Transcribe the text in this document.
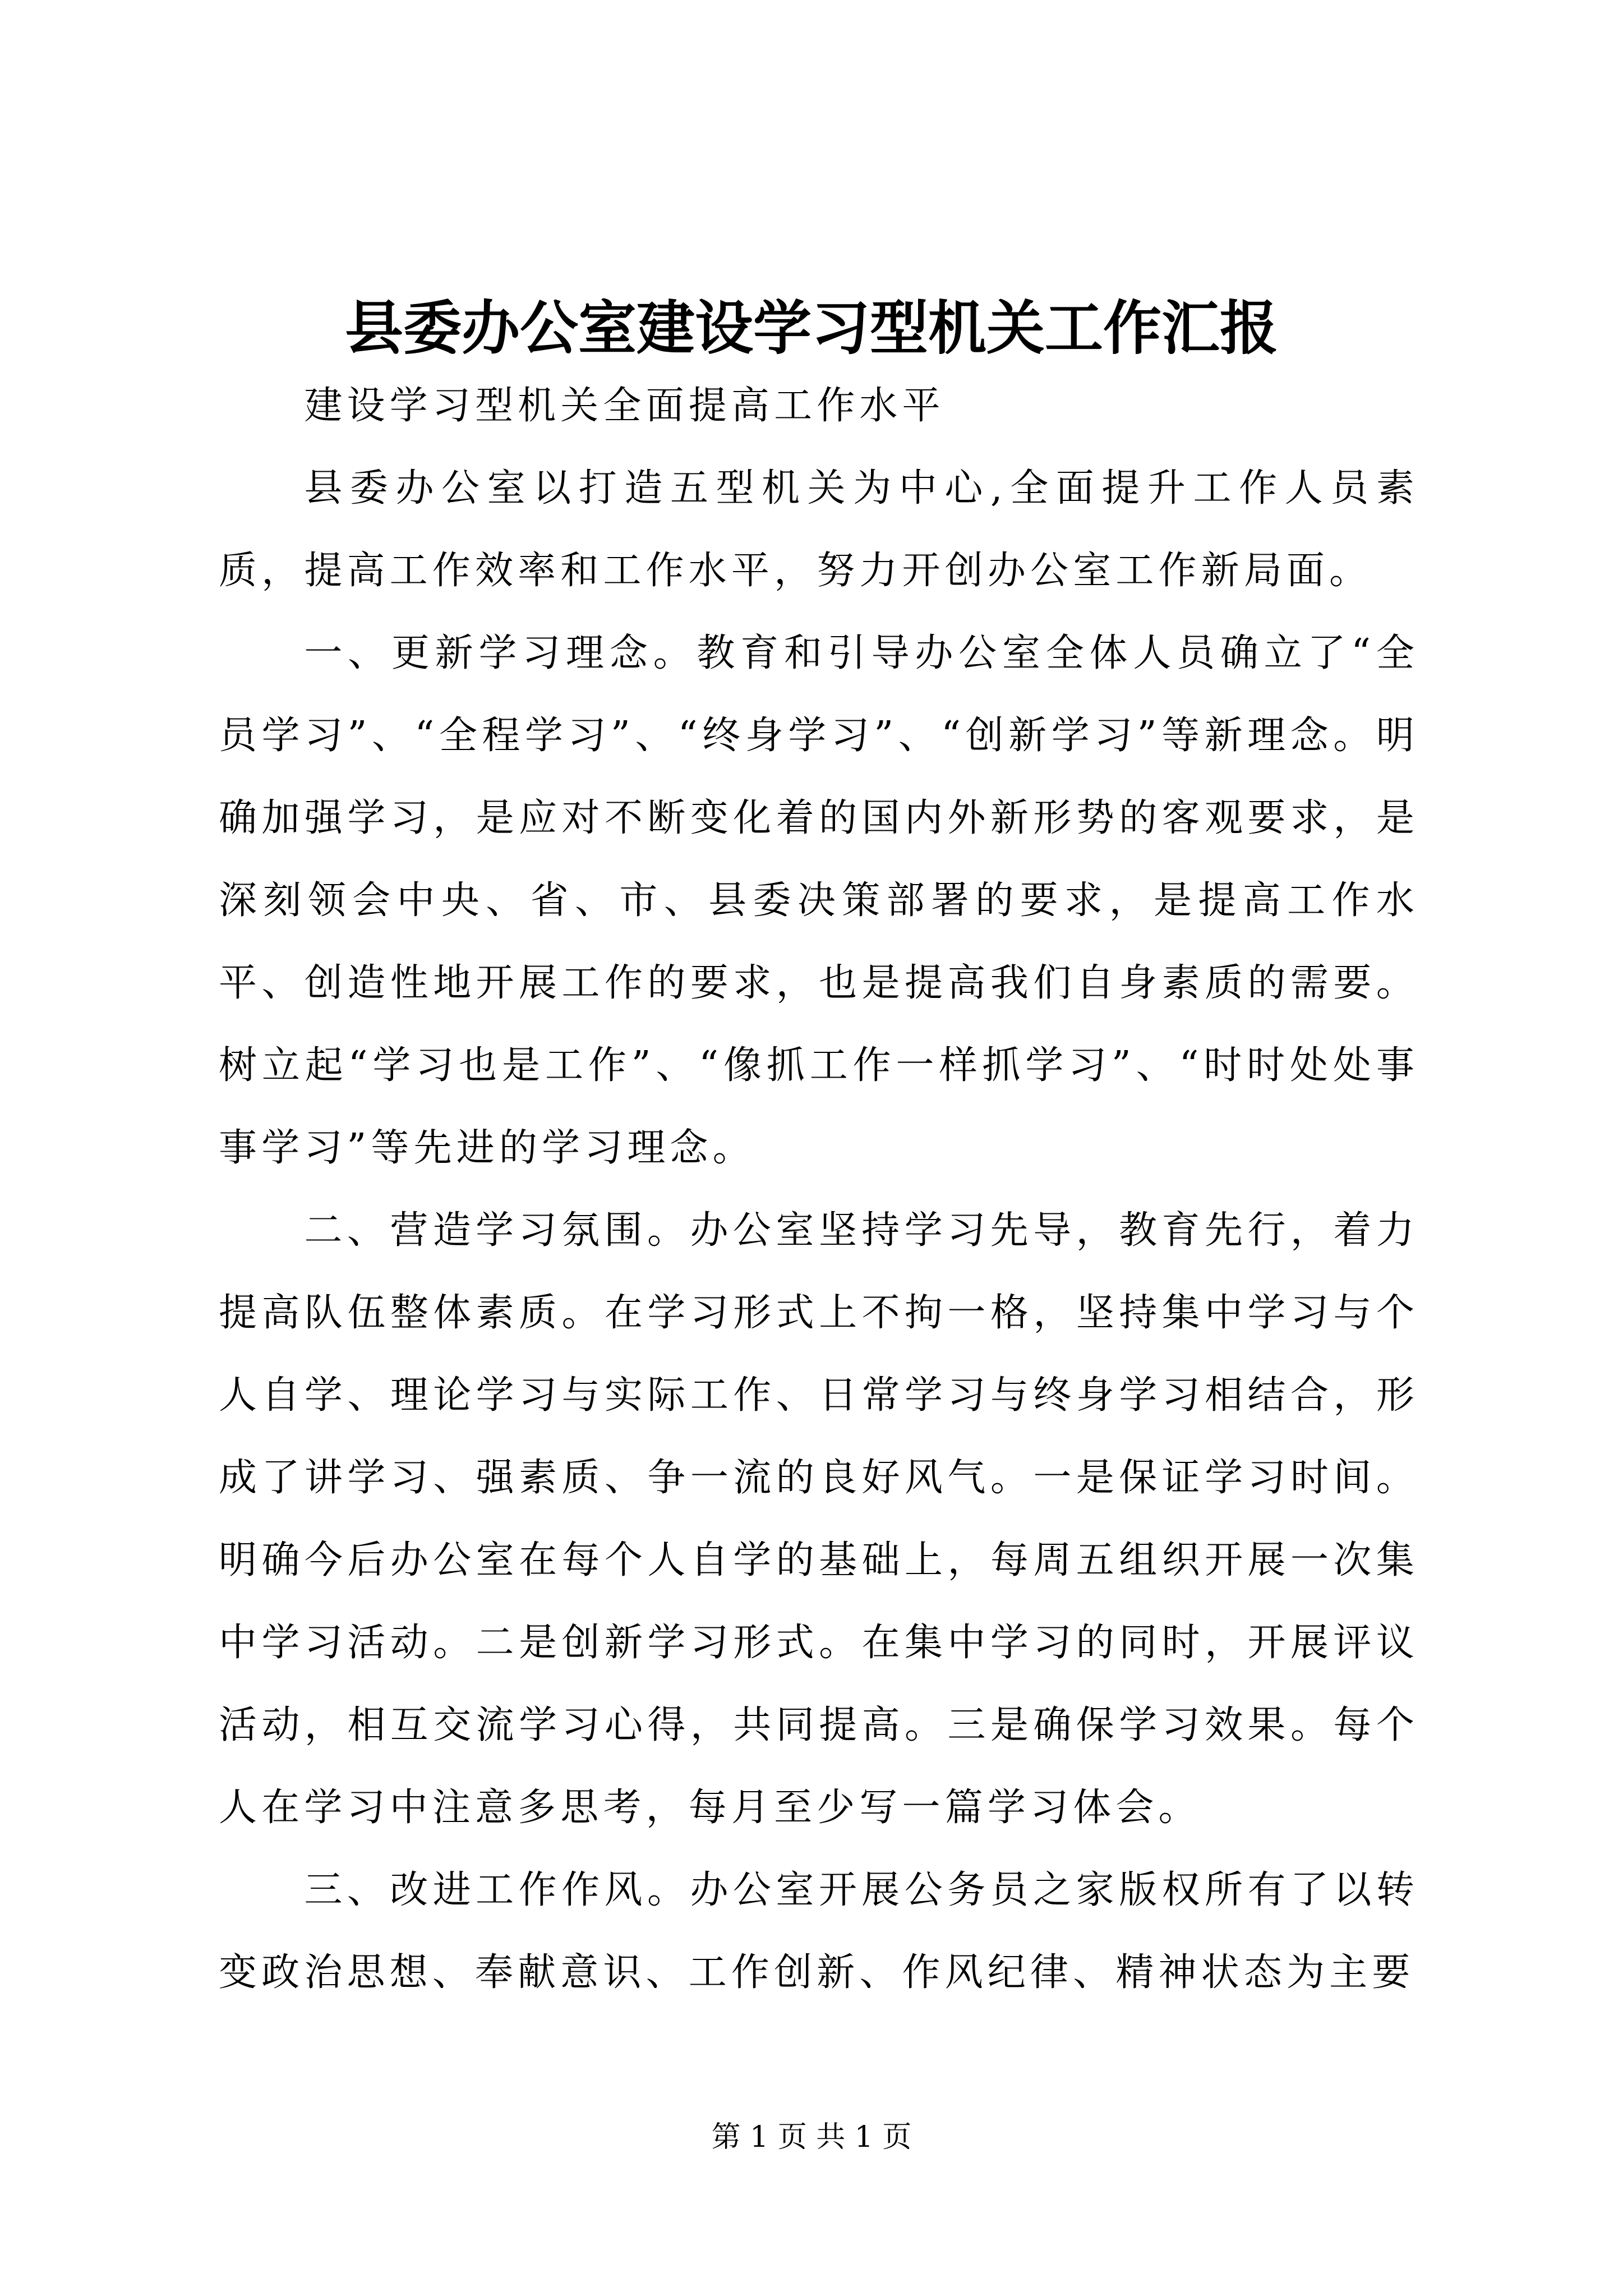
县委办公室建设学习型机关工作汇报

建设学习型机关全面提高工作水平

县委办公室以打造五型机关为中心,全面提升工作人员素质，提高工作效率和工作水平，努力开创办公室工作新局面。

一、更新学习理念。教育和引导办公室全体人员确立了“全员学习”、“全程学习”、“终身学习”、“创新学习”等新理念。明确加强学习，是应对不断变化着的国内外新形势的客观要求，是深刻领会中央、省、市、县委决策部署的要求，是提高工作水平、创造性地开展工作的要求，也是提高我们自身素质的需要。树立起“学习也是工作”、“像抓工作一样抓学习”、“时时处处事事学习”等先进的学习理念。

二、营造学习氛围。办公室坚持学习先导，教育先行，着力提高队伍整体素质。在学习形式上不拘一格，坚持集中学习与个人自学、理论学习与实际工作、日常学习与终身学习相结合，形成了讲学习、强素质、争一流的良好风气。一是保证学习时间。明确今后办公室在每个人自学的基础上，每周五组织开展一次集中学习活动。二是创新学习形式。在集中学习的同时，开展评议活动，相互交流学习心得，共同提高。三是确保学习效果。每个人在学习中注意多思考，每月至少写一篇学习体会。

三、改进工作作风。办公室开展公务员之家版权所有了以转变政治思想、奉献意识、工作创新、作风纪律、精神状态为主要

第 1 页 共 1 页
